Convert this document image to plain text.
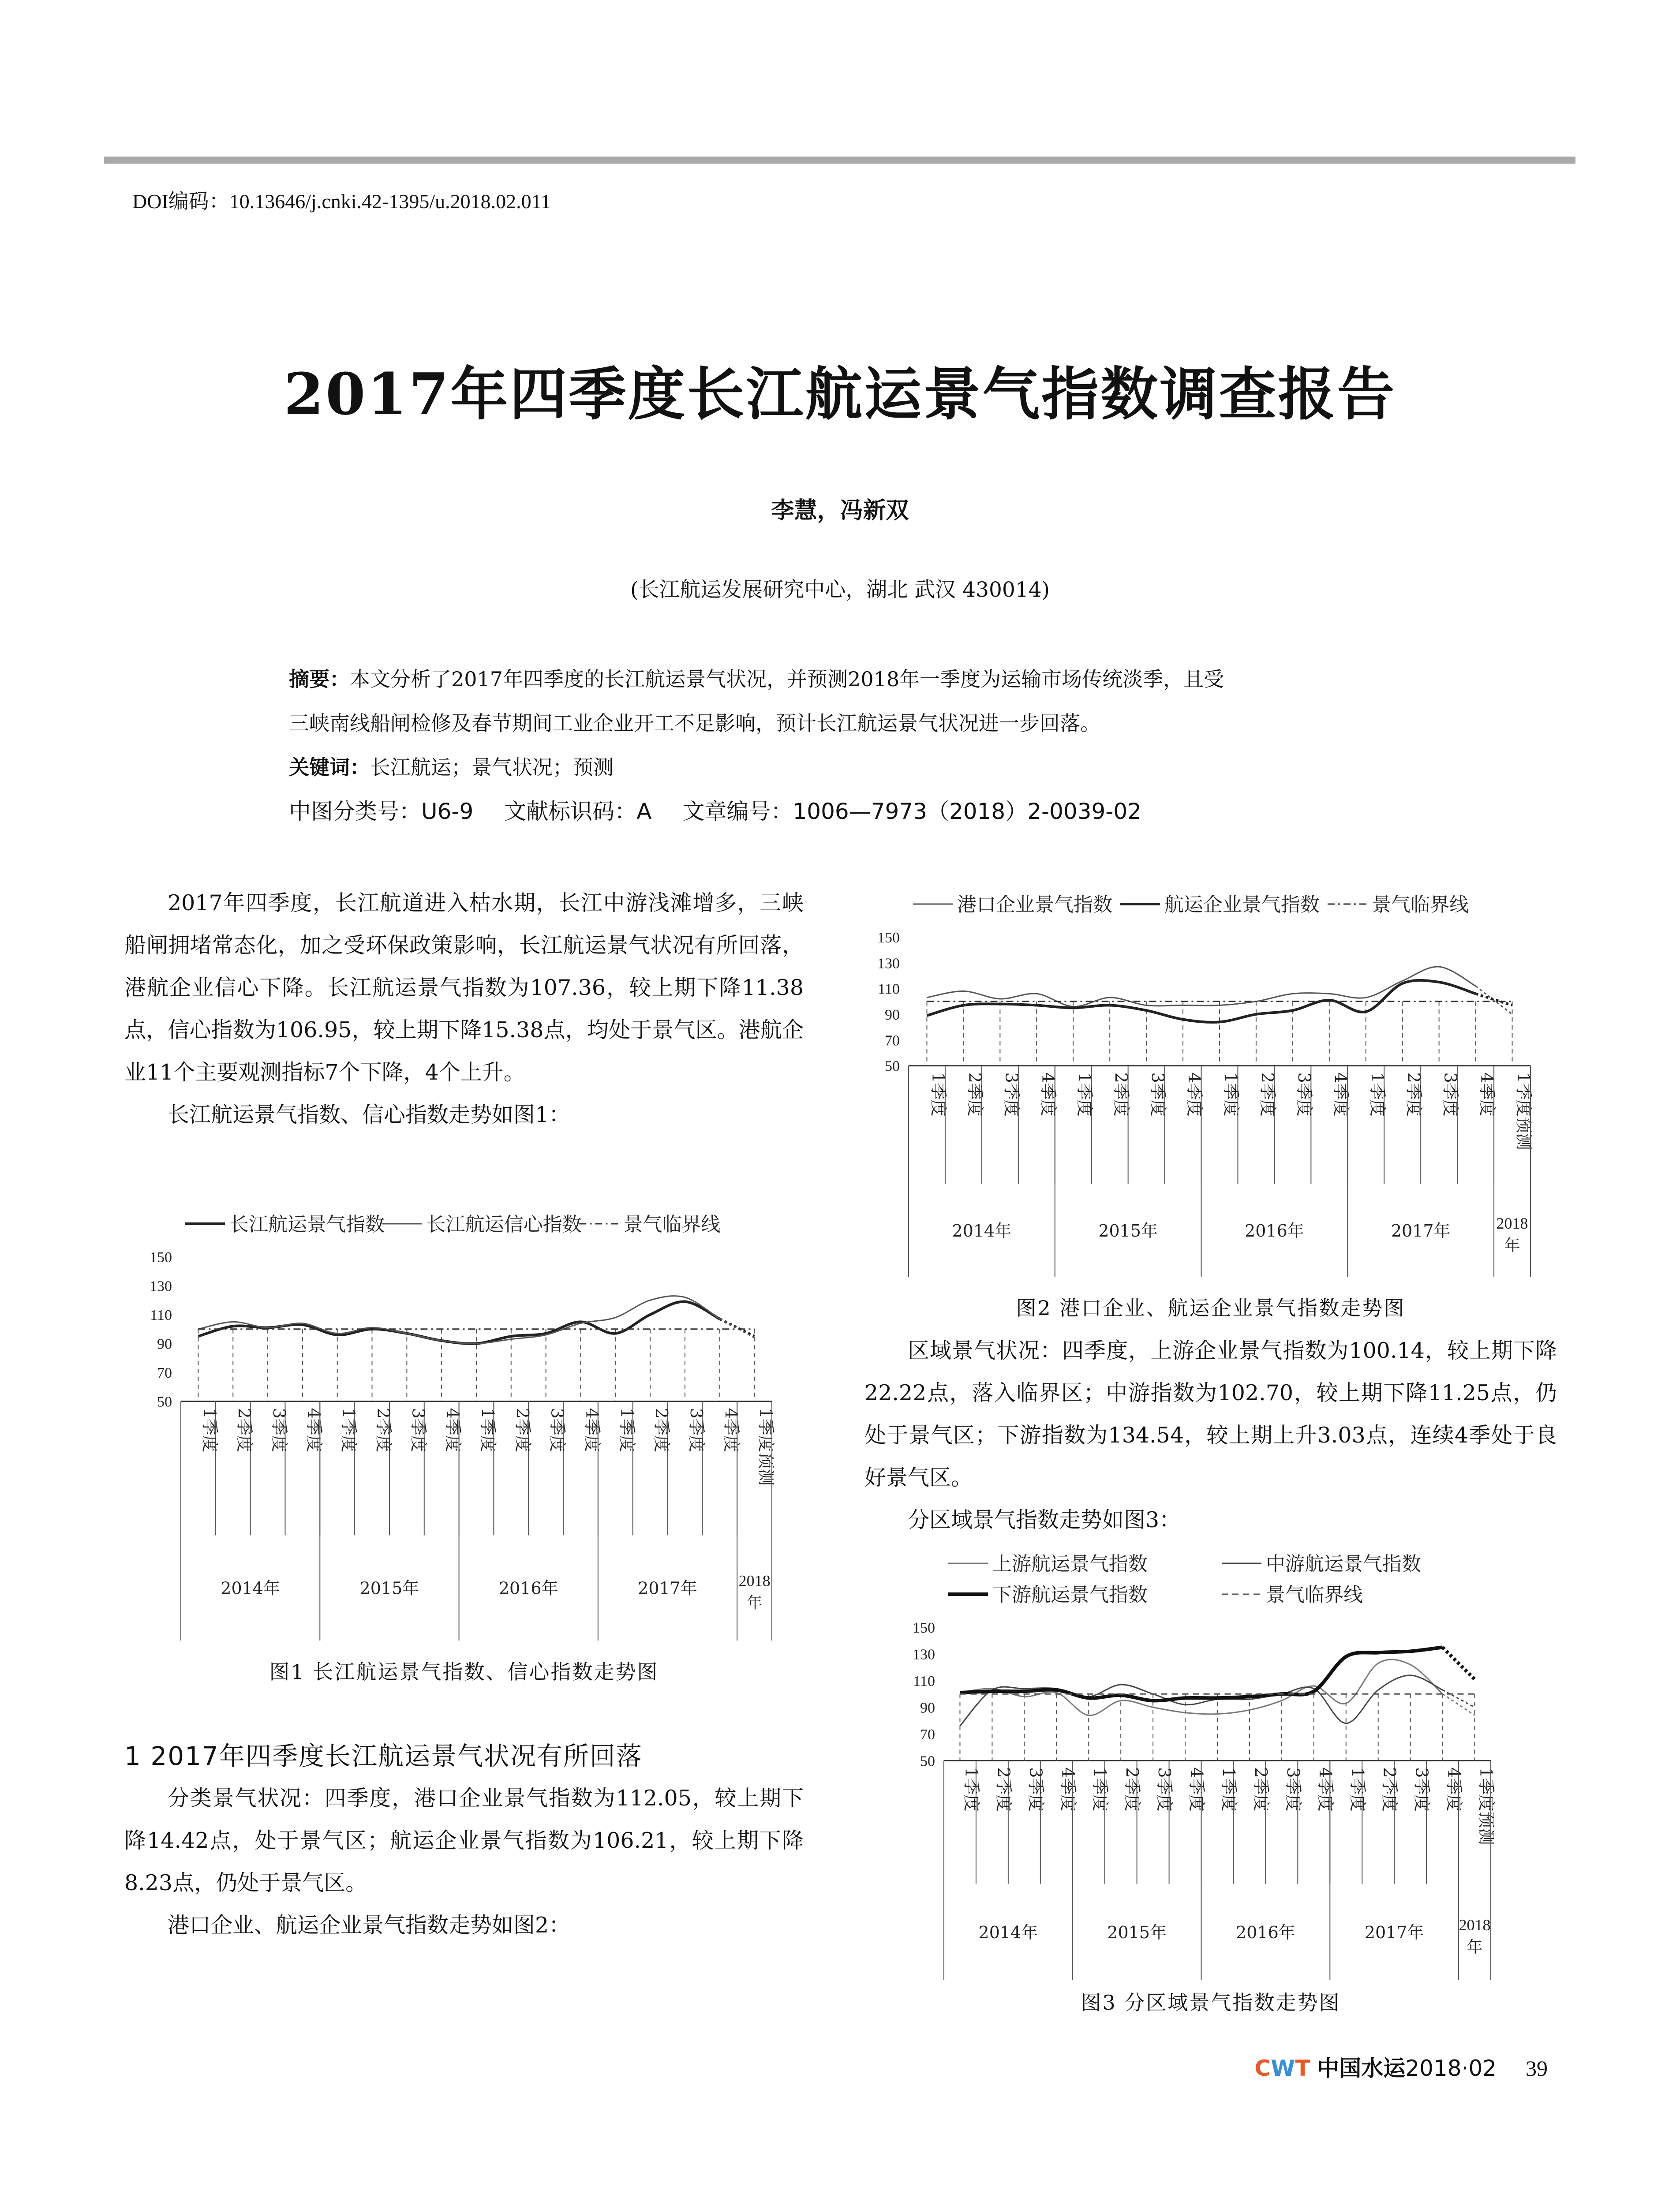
DOI编码：10.13646/j.cnki.42-1395/u.2018.02.011
2017年四季度长江航运景气指数调查报告
李慧，冯新双
(长江航运发展研究中心，湖北 武汉 430014)
摘要：本文分析了2017年四季度的长江航运景气状况，并预测2018年一季度为运输市场传统淡季，且受
三峡南线船闸检修及春节期间工业企业开工不足影响，预计长江航运景气状况进一步回落。
关键词：长江航运；景气状况；预测
中图分类号：U6-9 文献标识码：A 文章编号：1006—7973（2018）2-0039-02

2017年四季度，长江航道进入枯水期，长江中游浅滩增多，三峡船闸拥堵常态化，加之受环保政策影响，长江航运景气状况有所回落，港航企业信心下降。长江航运景气指数为107.36，较上期下降11.38点，信心指数为106.95，较上期下降15.38点，均处于景气区。港航企业11个主要观测指标7个下降，4个上升。

长江航运景气指数、信心指数走势如图1：

长江航运景气指数 长江航运信心指数 景气临界线
50
70
90
110
130
150
1季度 2季度 3季度 4季度 1季度 2季度 3季度 4季度 1季度 2季度 3季度 4季度 1季度 2季度 3季度 4季度 1季度预测
2014年	2015年	2016年	2017年	2018
年
图1 长江航运景气指数、信心指数走势图
1 2017年四季度长江航运景气状况有所回落

分类景气状况：四季度，港口企业景气指数为112.05，较上期下降14.42点，处于景气区；航运企业景气指数为106.21，较上期下降8.23点，仍处于景气区。

港口企业、航运企业景气指数走势如图2：

港口企业景气指数	航运企业景气指数	景气临界线
50
70
90
110
130
150
1季度 2季度 3季度 4季度 1季度 2季度 3季度 4季度 1季度 2季度 3季度 4季度 1季度 2季度 3季度 4季度 1季度预测
2014年	2015年	2016年	2017年	2018
年
图2 港口企业、航运企业景气指数走势图

区域景气状况：四季度，上游企业景气指数为100.14，较上期下降22.22点，落入临界区；中游指数为102.70，较上期下降11.25点，仍处于景气区；下游指数为134.54，较上期上升3.03点，连续4季处于良好景气区。

分区域景气指数走势如图3：

上游航运景气指数	中游航运景气指数
下游航运景气指数	景气临界线
50
70
90
110
130
150
1季度 2季度 3季度 4季度 1季度 2季度 3季度 4季度 1季度 2季度 3季度 4季度 1季度 2季度 3季度 4季度 1季度预测
2014年	2015年	2016年	2017年 2018
年
图3 分区域景气指数走势图
CWT 中国水运2018·02 39
